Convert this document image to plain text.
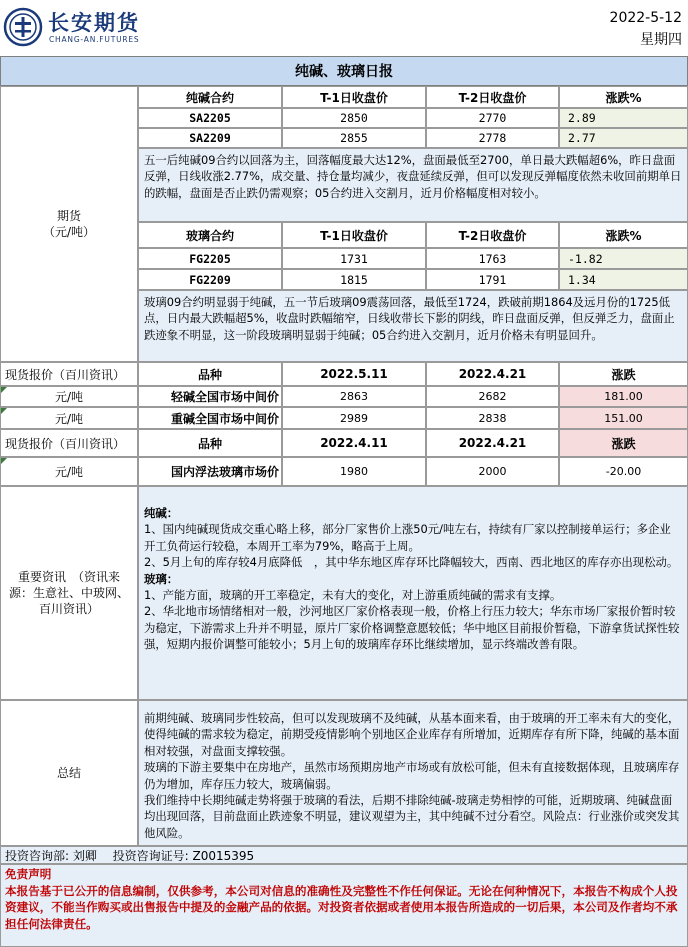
长安期货
CHANG-AN.FUTURES
2022-5-12
星期四
纯碱、玻璃日报
期货
（元/吨）
纯碱合约	T-1日收盘价	T-2日收盘价	涨跌%
SA2205	2850	2770	2.89
SA2209	2855	2778	2.77

五一后纯碱09合约以回落为主，回落幅度最大达12%，盘面最低至2700，单日最大跌幅超6%，昨日盘面反弹，日线收涨2.77%，成交量、持仓量均减少，夜盘延续反弹，但可以发现反弹幅度依然未收回前期单日的跌幅，盘面是否止跌仍需观察；05合约进入交割月，近月价格幅度相对较小。

玻璃合约	T-1日收盘价	T-2日收盘价	涨跌%
FG2205	1731	1763	-1.82
FG2209	1815	1791	1.34

玻璃09合约明显弱于纯碱，五一节后玻璃09震荡回落，最低至1724，跌破前期1864及远月份的1725低点，日内最大跌幅超5%，收盘时跌幅缩窄，日线收带长下影的阴线，昨日盘面反弹，但反弹乏力，盘面止跌迹象不明显，这一阶段玻璃明显弱于纯碱；05合约进入交割月，近月价格未有明显回升。

现货报价（百川资讯）	品种	2022.5.11	2022.4.21	涨跌
元/吨	轻碱全国市场中间价	2863	2682	181.00
元/吨	重碱全国市场中间价	2989	2838	151.00
现货报价（百川资讯）	品种	2022.4.11	2022.4.21	涨跌
元/吨	国内浮法玻璃市场价	1980	2000	-20.00
重要资讯　（资讯来源：生意社、中玻网、百川资讯）

纯碱：

1、国内纯碱现货成交重心略上移，部分厂家售价上涨50元/吨左右，持续有厂家以控制接单运行；多企业开工负荷运行较稳，本周开工率为79%，略高于上周。

2、5月上旬的库存较4月底降低　，其中华东地区库存环比降幅较大，西南、西北地区的库存亦出现松动。

玻璃：

1、产能方面，玻璃的开工率稳定，未有大的变化，对上游重质纯碱的需求有支撑。

2、华北地市场情绪相对一般，沙河地区厂家价格表现一般，价格上行压力较大；华东市场厂家报价暂时较为稳定，下游需求上升并不明显，原片厂家价格调整意愿较低；华中地区目前报价暂稳，下游拿货试探性较强，短期内报价调整可能较小；5月上旬的玻璃库存环比继续增加，显示终端改善有限。

总结

前期纯碱、玻璃同步性较高，但可以发现玻璃不及纯碱，从基本面来看，由于玻璃的开工率未有大的变化，使得纯碱的需求较为稳定，前期受疫情影响个别地区企业库存有所增加，近期库存有所下降，纯碱的基本面相对较强，对盘面支撑较强。

玻璃的下游主要集中在房地产，虽然市场预期房地产市场或有放松可能，但未有直接数据体现，且玻璃库存仍为增加，库存压力较大，玻璃偏弱。

我们维持中长期纯碱走势将强于玻璃的看法，后期不排除纯碱-玻璃走势相悖的可能，近期玻璃、纯碱盘面均出现回落，目前盘面止跌迹象不明显，建议观望为主，其中纯碱不过分看空。风险点：行业涨价或突发其他风险。

投资咨询部: 刘卿　 投资咨询证号: Z0015395
免责声明
本报告基于已公开的信息编制，仅供参考，本公司对信息的准确性及完整性不作任何保证。无论在何种情况下，本报告不构成个人投资建议，不能当作购买或出售报告中提及的金融产品的依据。对投资者依据或者使用本报告所造成的一切后果，本公司及作者均不承担任何法律责任。
